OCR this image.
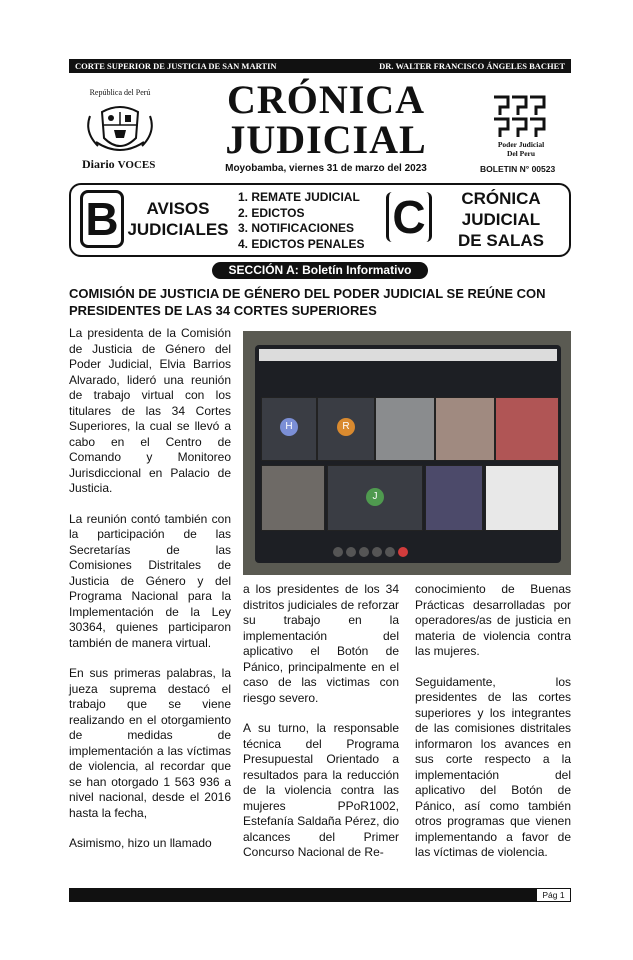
CORTE SUPERIOR DE JUSTICIA DE SAN MARTIN	DR. WALTER FRANCISCO ÁNGELES BACHET
República del Perú
Diario VOCES
CRÓNICA
JUDICIAL
Moyobamba, viernes 31 de marzo del 2023
Poder Judicial
Del Peru
BOLETIN N° 00523
B	AVISOS
JUDICIALES
1. REMATE JUDICIAL
2. EDICTOS
3. NOTIFICACIONES
4. EDICTOS PENALES
C	CRÓNICA
JUDICIAL
DE SALAS
SECCIÓN A: Boletín Informativo
COMISIÓN DE JUSTICIA DE GÉNERO DEL PODER JUDICIAL SE REÚNE CON PRESIDENTES DE LAS 34 CORTES SUPERIORES

La presidenta de la Comisión de Justicia de Género del Poder Judicial, Elvia Barrios Alvarado, lideró una reunión de trabajo virtual con los titulares de las 34 Cortes Superiores, la cual se llevó a cabo en el Centro de Comando y Monitoreo Jurisdiccional en Palacio de Justicia.

La reunión contó también con la participación de las Secretarías de las Comisiones Distritales de Justicia de Género y del Programa Nacional para la Implementación de la Ley 30364, quienes participaron también de manera virtual.

En sus primeras palabras, la jueza suprema destacó el trabajo que se viene realizando en el otorgamiento de medidas de implementación a las víctimas de violencia, al recordar que se han otorgado 1 563 936 a nivel nacional, desde el 2016 hasta la fecha,

Asimismo, hizo un llamado

H	R
J

a los presidentes de los 34 distritos judiciales de reforzar su trabajo en la implementación del aplicativo el Botón de Pánico, principalmente en el caso de las victimas con riesgo severo.

A su turno, la responsable técnica del Programa Presupuestal Orientado a resultados para la reducción de la violencia contra las mujeres PPoR1002, Estefanía Saldaña Pérez, dio alcances del Primer Concurso Nacional de Re-

conocimiento de Buenas Prácticas desarrolladas por operadores/as de justicia en materia de violencia contra las mujeres.

Seguidamente, los presidentes de las cortes superiores y los integrantes de las comisiones distritales informaron los avances en sus corte respecto a la implementación del aplicativo del Botón de Pánico, así como también otros programas que vienen implementando a favor de las víctimas de violencia.

Pág 1
